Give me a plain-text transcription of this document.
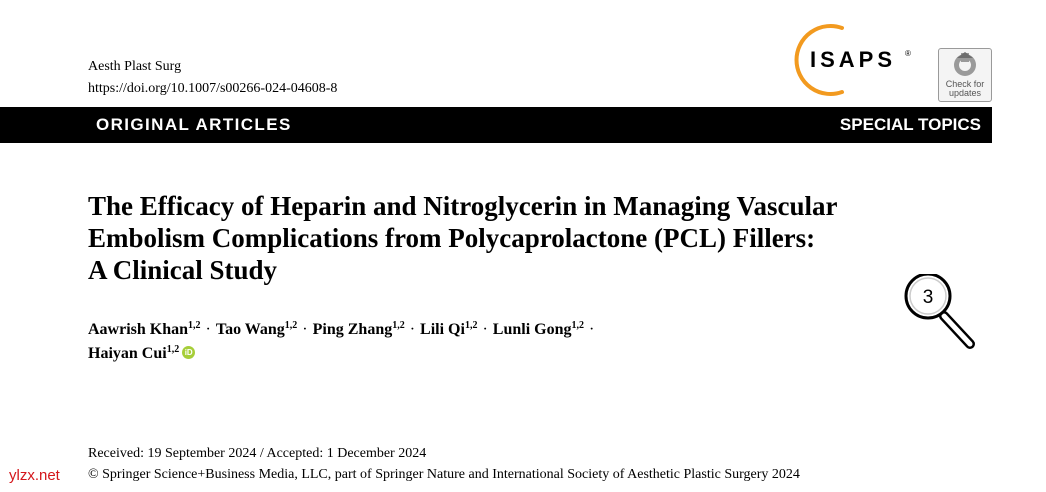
Aesth Plast Surg
https://doi.org/10.1007/s00266-024-04608-8
ISAPS ®
Check for
updates
ORIGINAL ARTICLES	SPECIAL TOPICS
The Efficacy of Heparin and Nitroglycerin in Managing Vascular
Embolism Complications from Polycaprolactone (PCL) Fillers:
A Clinical Study
3
Aawrish Khan$^{1,2}$ · Tao Wang$^{1,2}$ · Ping Zhang$^{1,2}$ · Lili Qi$^{1,2}$ · Lunli Gong$^{1,2}$ ·
Haiyan Cui$^{1,2}$ iD
Received: 19 September 2024 / Accepted: 1 December 2024
© Springer Science+Business Media, LLC, part of Springer Nature and International Society of Aesthetic Plastic Surgery 2024
ylzx.net
